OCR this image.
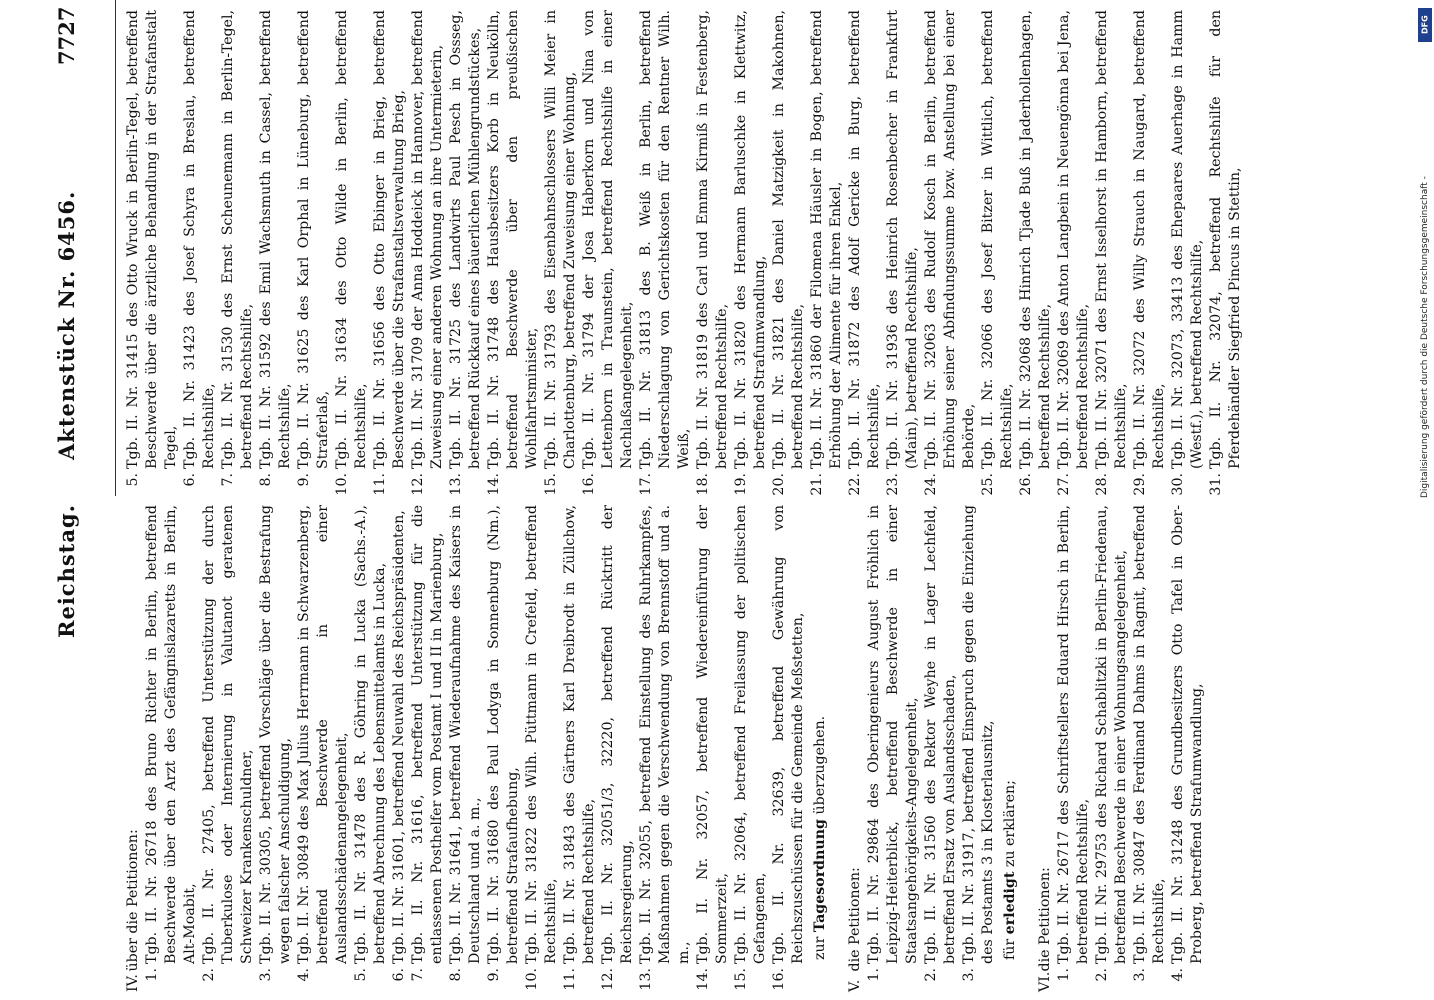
Reichstag.
Aktenstück Nr. 6456.
7727
IV. über die Petitionen:
1.
Tgb. II. Nr. 26718 des Bruno Richter in Berlin, betreffend Beschwerde über den Arzt des Gefängnislazaretts in Berlin, Alt-Moabit,
2.
Tgb. II. Nr. 27405, betreffend Unterstützung der durch Tuberkulose oder Internierung in Valutanot geratenen Schweizer Krankenschuldner,
3.
Tgb. II. Nr. 30305, betreffend Vorschläge über die Bestrafung wegen falscher Anschuldigung,
4.
Tgb. II. Nr. 30849 des Max Julius Herrmann in Schwarzenberg, betreffend Beschwerde in einer Auslandsschädenangelegenheit,
5.
Tgb. II. Nr. 31478 des R. Göhring in Lucka (Sachs.-A.), betreffend Abrechnung des Lebensmittelamts in Lucka,
6.
Tgb. II. Nr. 31601, betreffend Neuwahl des Reichspräsidenten,
7.
Tgb. II. Nr. 31616, betreffend Unterstützung für die entlassenen Posthelfer vom Postamt I und II in Marienburg,
8.
Tgb. II. Nr. 31641, betreffend Wiederaufnahme des Kaisers in Deutschland und a. m.,
9.
Tgb. II. Nr. 31680 des Paul Lodyga in Sonnenburg (Nm.), betreffend Strafaufhebung,
10.
Tgb. II. Nr. 31822 des Wilh. Püttmann in Crefeld, betreffend Rechtshilfe,
11.
Tgb. II. Nr. 31843 des Gärtners Karl Dreibrodt in Züllchow, betreffend Rechtshilfe,
12.
Tgb. II. Nr. 32051/3, 32220, betreffend Rücktritt der Reichsregierung,
13.
Tgb. II. Nr. 32055, betreffend Einstellung des Ruhrkampfes, Maßnahmen gegen die Verschwendung von Brennstoff und a. m.,
14.
Tgb. II. Nr. 32057, betreffend Wiedereinführung der Sommerzeit,
15.
Tgb. II. Nr. 32064, betreffend Freilassung der politischen Gefangenen,
16.
Tgb. II. Nr. 32639, betreffend Gewährung von Reichszuschüssen für die Gemeinde Meßstetten, zur Tagesordnung überzugehen.
V. die Petitionen:
1.
Tgb. II. Nr. 29864 des Oberingenieurs August Fröhlich in Leipzig-Heiterblick, betreffend Beschwerde in einer Staatsangehörigkeits-Angelegenheit,
2.
Tgb. II. Nr. 31560 des Rektor Weyhe in Lager Lechfeld, betreffend Ersatz von Auslandsschaden,
3.
Tgb. II. Nr. 31917, betreffend Einspruch gegen die Einziehung des Postamts 3 in Klosterlausnitz, für erledigt zu erklären;
VI. die Petitionen:
1.
Tgb. II. Nr. 26717 des Schriftstellers Eduard Hirsch in Berlin, betreffend Rechtshilfe,
2.
Tgb. II. Nr. 29753 des Richard Schablitzki in Berlin-Friedenau, betreffend Beschwerde in einer Wohnungsangelegenheit,
3.
Tgb. II. Nr. 30847 des Ferdinand Dahms in Ragnit, betreffend Rechtshilfe,
4.
Tgb. II. Nr. 31248 des Grundbesitzers Otto Tafel in Ober-Proberg, betreffend Strafumwandlung,
5.
Tgb. II. Nr. 31415 des Otto Wruck in Berlin-Tegel, betreffend Beschwerde über die ärztliche Behandlung in der Strafanstalt Tegel,
6.
Tgb. II. Nr. 31423 des Josef Schyra in Breslau, betreffend Rechtshilfe,
7.
Tgb. II. Nr. 31530 des Ernst Scheunemann in Berlin-Tegel, betreffend Rechtshilfe,
8.
Tgb. II. Nr. 31592 des Emil Wachsmuth in Cassel, betreffend Rechtshilfe,
9.
Tgb. II. Nr. 31625 des Karl Orphal in Lüneburg, betreffend Straferlaß,
10.
Tgb. II. Nr. 31634 des Otto Wilde in Berlin, betreffend Rechtshilfe,
11.
Tgb. II. Nr. 31656 des Otto Ebinger in Brieg, betreffend Beschwerde über die Strafanstaltsverwaltung Brieg,
12.
Tgb. II. Nr. 31709 der Anna Hoddeick in Hannover, betreffend Zuweisung einer anderen Wohnung an ihre Untermieterin,
13.
Tgb. II. Nr. 31725 des Landwirts Paul Pesch in Ossseg, betreffend Rückkauf eines bäuerlichen Mühlengrundstückes,
14.
Tgb. II. Nr. 31748 des Hausbesitzers Korb in Neukölln, betreffend Beschwerde über den preußischen Wohlfahrtsminister,
15.
Tgb. II. Nr. 31793 des Eisenbahnschlossers Willi Meier in Charlottenburg, betreffend Zuweisung einer Wohnung,
16.
Tgb. II. Nr. 31794 der Josa Haberkorn und Nina von Lettenborn in Traunstein, betreffend Rechtshilfe in einer Nachlaßangelegenheit,
17.
Tgb. II. Nr. 31813 des B. Weiß in Berlin, betreffend Niederschlagung von Gerichtskosten für den Rentner Wilh. Weiß,
18.
Tgb. II. Nr. 31819 des Carl und Emma Kirmiß in Festenberg, betreffend Rechtshilfe,
19.
Tgb. II. Nr. 31820 des Hermann Barluschke in Klettwitz, betreffend Strafumwandlung,
20.
Tgb. II. Nr. 31821 des Daniel Matzigkeit in Makohnen, betreffend Rechtshilfe,
21.
Tgb. II. Nr. 31860 der Filomena Häusler in Bogen, betreffend Erhöhung der Alimente für ihren Enkel,
22.
Tgb. II. Nr. 31872 des Adolf Gericke in Burg, betreffend Rechtshilfe,
23.
Tgb. II. Nr. 31936 des Heinrich Rosenbecher in Frankfurt (Main), betreffend Rechtshilfe,
24.
Tgb. II. Nr. 32063 des Rudolf Kosch in Berlin, betreffend Erhöhung seiner Abfindungssumme bzw. Anstellung bei einer Behörde,
25.
Tgb. II. Nr. 32066 des Josef Bitzer in Wittlich, betreffend Rechtshilfe,
26.
Tgb. II. Nr. 32068 des Hinrich Tjade Buß in Jaderhollenhagen, betreffend Rechtshilfe,
27.
Tgb. II. Nr. 32069 des Anton Langbein in Neuengönna bei Jena, betreffend Rechtshilfe,
28.
Tgb. II. Nr. 32071 des Ernst Isselhorst in Hamborn, betreffend Rechtshilfe,
29.
Tgb. II. Nr. 32072 des Willy Strauch in Naugard, betreffend Rechtshilfe,
30.
Tgb. II. Nr. 32073, 33413 des Ehepaares Auerhage in Hamm (Westf.), betreffend Rechtshilfe,
31.
Tgb. II. Nr. 32074, betreffend Rechtshilfe für den Pferdehändler Siegfried Pincus in Stettin,
DFG
Digitalisierung gefördert durch die Deutsche Forschungsgemeinschaft -
